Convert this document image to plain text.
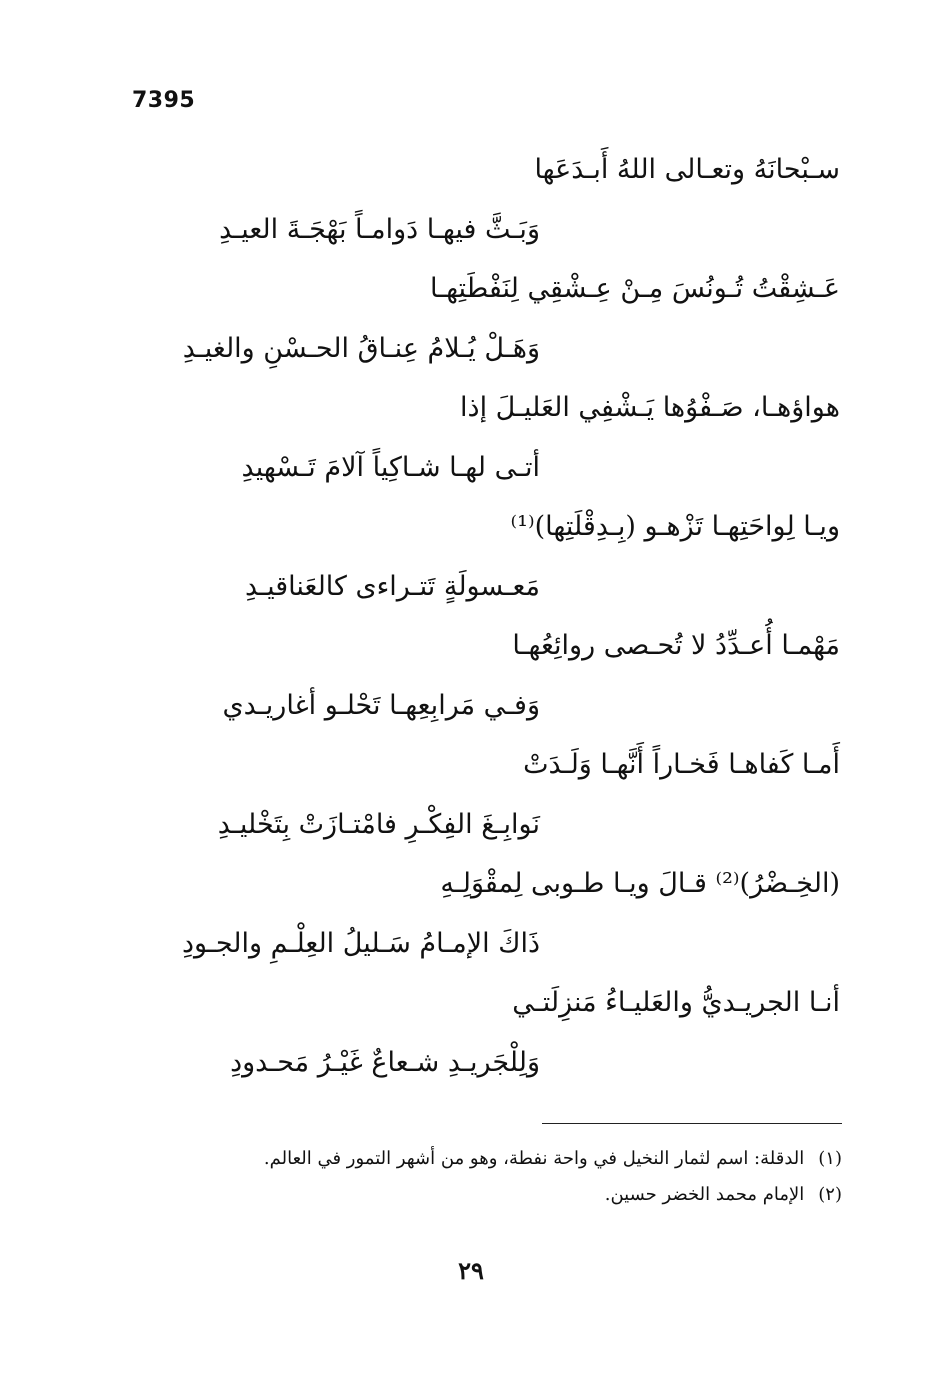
7395
سـبْحانَهُ وتعـالى اللهُ أَبـدَعَها
وَبَـثَّ فيهـا دَوامـاً بَهْجَـةَ العيـدِ
عَـشِقْتُ تُـونُسَ مِـنْ عِـشْقِي لِنَفْطَتِهـا
وَهَـلْ يُـلامُ عِنـاقُ الحـسْنِ والغيـدِ
هواؤهـا، صَـفْوُها يَـشْفِي العَليـلَ إذا
أتـى لهـا شـاكِياً آلامَ تَـسْهيدِ
ويـا لِواحَتِهـا تَزْهـو (بِـدِقْلَتِها)⁽¹⁾
مَعـسولَةٍ تَتـراءى كالعَناقيـدِ
مَهْمـا أُعـدِّدُ لا تُحـصى روائِعُهـا
وَفـي مَرابِعِهـا تَحْلـو أغاريـدي
أَمـا كَفاهـا فَخـاراً أَنَّهـا وَلَـدَتْ
نَوابِـغَ الفِكْـرِ فامْتـازَتْ بِتَخْليـدِ
(الخِـضْرُ)⁽²⁾ قـالَ ويـا طـوبى لِمقْوَلِـهِ
ذَاكَ الإمـامُ سَـليلُ العِلْـمِ والجـودِ
أنـا الجريـديُّ والعَليـاءُ مَنزِلَتـي
وَلِلْجَريـدِ شـعاعٌ غَيْـرُ مَحـدودِ
(١)الدقلة: اسم لثمار النخيل في واحة نفطة، وهو من أشهر التمور في العالم.
(٢)الإمام محمد الخضر حسين.
٢٩
